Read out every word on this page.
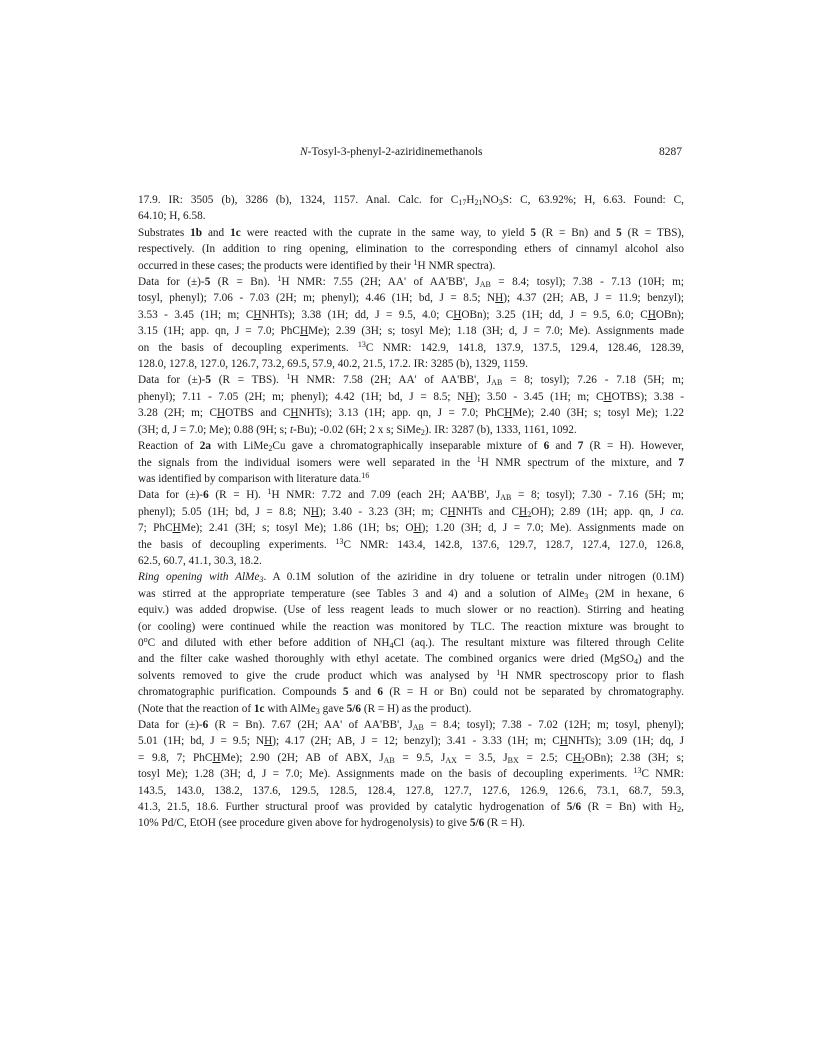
N-Tosyl-3-phenyl-2-aziridinemethanols	8287
17.9. IR: 3505 (b), 3286 (b), 1324, 1157. Anal. Calc. for $C_{17}H_{21}NO_3S$: C, 63.92%; H, 6.63. Found: C,
64.10; H, 6.58.
Substrates 1b and 1c were reacted with the cuprate in the same way, to yield 5 (R = Bn) and 5 (R = TBS),
respectively. (In addition to ring opening, elimination to the corresponding ethers of cinnamyl alcohol also
occurred in these cases; the products were identified by their $^1$H NMR spectra).
Data for (±)-5 (R = Bn). $^1$H NMR: 7.55 (2H; AA' of AA'BB', $J_{AB} = 8.4$; tosyl); 7.38 - 7.13 (10H; m;
tosyl, phenyl); 7.06 - 7.03 (2H; m; phenyl); 4.46 (1H; bd, J = 8.5; NH); 4.37 (2H; AB, J = 11.9; benzyl);
3.53 - 3.45 (1H; m; CHNHTs); 3.38 (1H; dd, J = 9.5, 4.0; CHOBn); 3.25 (1H; dd, J = 9.5, 6.0; CHOBn);
3.15 (1H; app. qn, J = 7.0; PhCHMe); 2.39 (3H; s; tosyl Me); 1.18 (3H; d, J = 7.0; Me). Assignments made
on the basis of decoupling experiments. $^{13}$C NMR: 142.9, 141.8, 137.9, 137.5, 129.4, 128.46, 128.39,
128.0, 127.8, 127.0, 126.7, 73.2, 69.5, 57.9, 40.2, 21.5, 17.2. IR: 3285 (b), 1329, 1159.
Data for (±)-5 (R = TBS). $^1$H NMR: 7.58 (2H; AA' of AA'BB', $J_{AB} = 8$; tosyl); 7.26 - 7.18 (5H; m;
phenyl); 7.11 - 7.05 (2H; m; phenyl); 4.42 (1H; bd, J = 8.5; NH); 3.50 - 3.45 (1H; m; CHOTBS); 3.38 -
3.28 (2H; m; CHOTBS and CHNHTs); 3.13 (1H; app. qn, J = 7.0; PhCHMe); 2.40 (3H; s; tosyl Me); 1.22
(3H; d, J = 7.0; Me); 0.88 (9H; s; t-Bu); -0.02 (6H; 2 x s; SiMe$_2$). IR: 3287 (b), 1333, 1161, 1092.
Reaction of 2a with LiMe$_2$Cu gave a chromatographically inseparable mixture of 6 and 7 (R = H). However,
the signals from the individual isomers were well separated in the $^1$H NMR spectrum of the mixture, and 7
was identified by comparison with literature data.$^{16}$
Data for (±)-6 (R = H). $^1$H NMR: 7.72 and 7.09 (each 2H; AA'BB', $J_{AB} = 8$; tosyl); 7.30 - 7.16 (5H; m;
phenyl); 5.05 (1H; bd, J = 8.8; NH); 3.40 - 3.23 (3H; m; CHNHTs and $CH_2OH$); 2.89 (1H; app. qn, J ca.
7; PhCHMe); 2.41 (3H; s; tosyl Me); 1.86 (1H; bs; OH); 1.20 (3H; d, J = 7.0; Me). Assignments made on
the basis of decoupling experiments. $^{13}$C NMR: 143.4, 142.8, 137.6, 129.7, 128.7, 127.4, 127.0, 126.8,
62.5, 60.7, 41.1, 30.3, 18.2.
Ring opening with AlMe$_3$. A 0.1M solution of the aziridine in dry toluene or tetralin under nitrogen (0.1M)
was stirred at the appropriate temperature (see Tables 3 and 4) and a solution of AlMe$_3$ (2M in hexane, 6
equiv.) was added dropwise. (Use of less reagent leads to much slower or no reaction). Stirring and heating
(or cooling) were continued while the reaction was monitored by TLC. The reaction mixture was brought to
0$^o$C and diluted with ether before addition of $NH_4Cl$ (aq.). The resultant mixture was filtered through Celite
and the filter cake washed thoroughly with ethyl acetate. The combined organics were dried (MgSO$_4$) and the
solvents removed to give the crude product which was analysed by $^1$H NMR spectroscopy prior to flash
chromatographic purification. Compounds 5 and 6 (R = H or Bn) could not be separated by chromatography.
(Note that the reaction of 1c with AlMe$_3$ gave 5/6 (R = H) as the product).
Data for (±)-6 (R = Bn). 7.67 (2H; AA' of AA'BB', $J_{AB} = 8.4$; tosyl); 7.38 - 7.02 (12H; m; tosyl, phenyl);
5.01 (1H; bd, J = 9.5; NH); 4.17 (2H; AB, J = 12; benzyl); 3.41 - 3.33 (1H; m; CHNHTs); 3.09 (1H; dq, J
= 9.8, 7; PhCHMe); 2.90 (2H; AB of ABX, $J_{AB} = 9.5$, $J_{AX} = 3.5$, $J_{BX} = 2.5$; $CH_2OBn$); 2.38 (3H; s;
tosyl Me); 1.28 (3H; d, J = 7.0; Me). Assignments made on the basis of decoupling experiments. $^{13}$C NMR:
143.5, 143.0, 138.2, 137.6, 129.5, 128.5, 128.4, 127.8, 127.7, 127.6, 126.9, 126.6, 73.1, 68.7, 59.3,
41.3, 21.5, 18.6. Further structural proof was provided by catalytic hydrogenation of 5/6 (R = Bn) with $H_2$,
10% Pd/C, EtOH (see procedure given above for hydrogenolysis) to give 5/6 (R = H).
